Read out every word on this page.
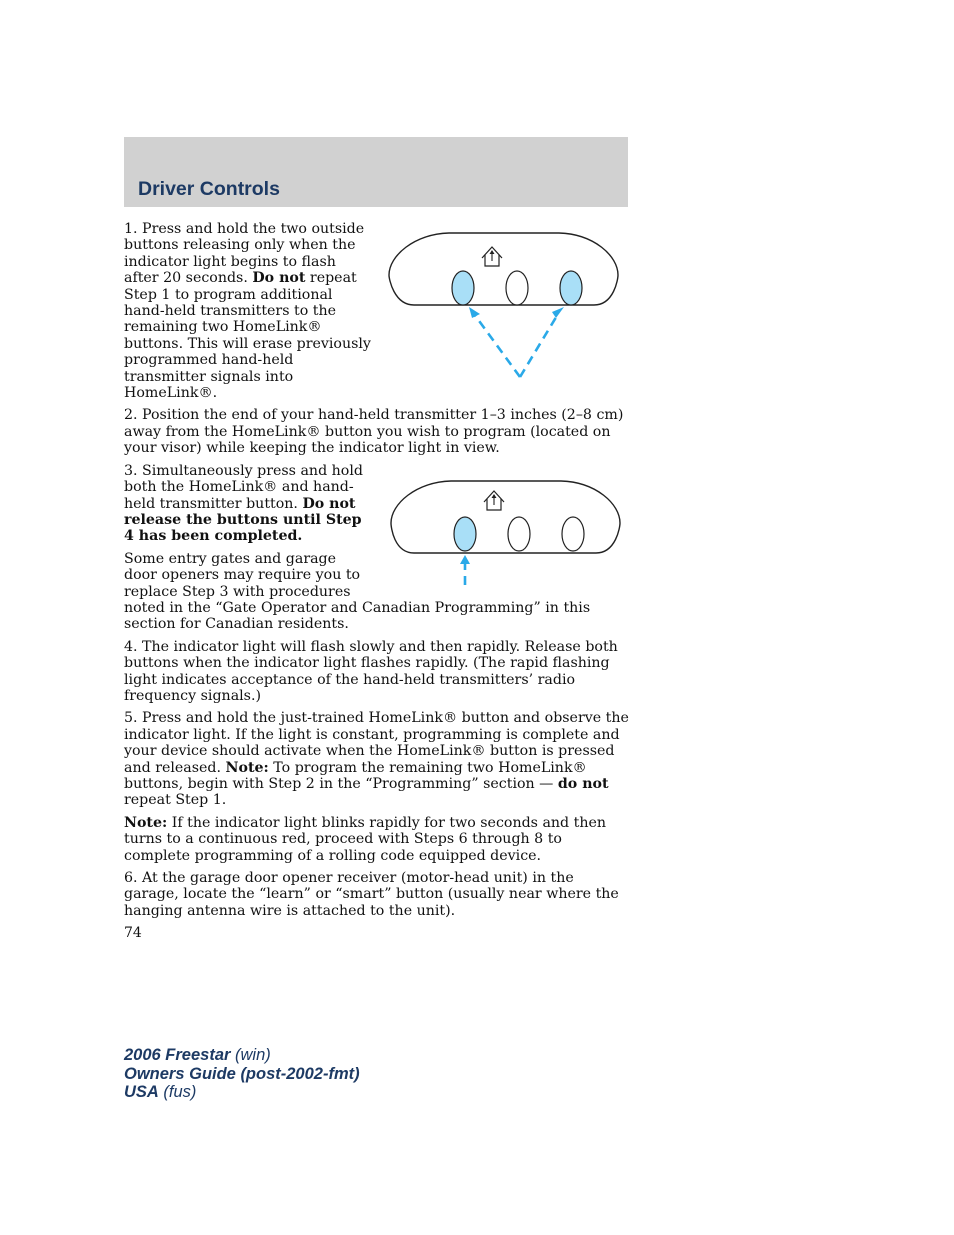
Driver Controls

1. Press and hold the two outside buttons releasing only when the indicator light begins to flash after 20 seconds. Do not repeat Step 1 to program additional hand-held transmitters to the remaining two HomeLink® buttons. This will erase previously programmed hand-held transmitter signals into HomeLink®.

2. Position the end of your hand-held transmitter 1–3 inches (2–8 cm) away from the HomeLink® button you wish to program (located on your visor) while keeping the indicator light in view.

3. Simultaneously press and hold both the HomeLink® and hand-held transmitter button. Do not release the buttons until Step 4 has been completed.

Some entry gates and garage door openers may require you to replace Step 3 with procedures noted in the “Gate Operator and Canadian Programming” in this section for Canadian residents.

4. The indicator light will flash slowly and then rapidly. Release both buttons when the indicator light flashes rapidly. (The rapid flashing light indicates acceptance of the hand-held transmitters’ radio frequency signals.)

5. Press and hold the just-trained HomeLink® button and observe the indicator light. If the light is constant, programming is complete and your device should activate when the HomeLink® button is pressed and released. Note: To program the remaining two HomeLink® buttons, begin with Step 2 in the “Programming” section — do not repeat Step 1.

Note: If the indicator light blinks rapidly for two seconds and then turns to a continuous red, proceed with Steps 6 through 8 to complete programming of a rolling code equipped device.

6. At the garage door opener receiver (motor-head unit) in the garage, locate the “learn” or “smart” button (usually near where the hanging antenna wire is attached to the unit).

74
2006 Freestar (win)
Owners Guide (post-2002-fmt)
USA (fus)
